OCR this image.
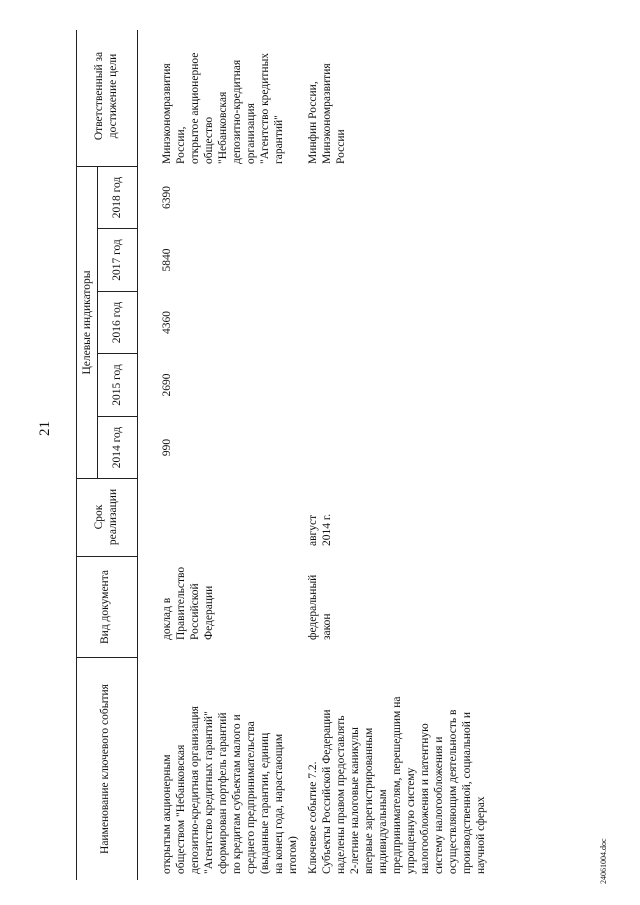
21
24061004.doc
Наименование ключевого события
Вид документа
Срок реализации
Целевые индикаторы
2014 год
2015 год
2016 год
2017 год
2018 год
Ответственный за достижение цели
открытым акционерным
обществом "Небанковская
депозитно-кредитная организация
"Агентство кредитных гарантий"
сформирован портфель гарантий
по кредитам субъектам малого и
среднего предпринимательства
(выданные гарантии, единиц
на конец года, нарастающим
итогом)
доклад в
Правительство
Российской
Федерации
990
2690
4360
5840
6390
Минэкономразвития
России,
открытое акционерное
общество
"Небанковская
депозитно-кредитная
организация
"Агентство кредитных
гарантий"
Ключевое событие 7.2.
Субъекты Российской Федерации
наделены правом предоставлять
2-летние налоговые каникулы
впервые зарегистрированным
индивидуальным
предпринимателям, перешедшим на
упрощенную систему
налогообложения и патентную
систему налогообложения и
осуществляющим деятельность в
производственной, социальной и
научной сферах
федеральный
закон
август
2014 г.
Минфин России,
Минэкономразвития
России
